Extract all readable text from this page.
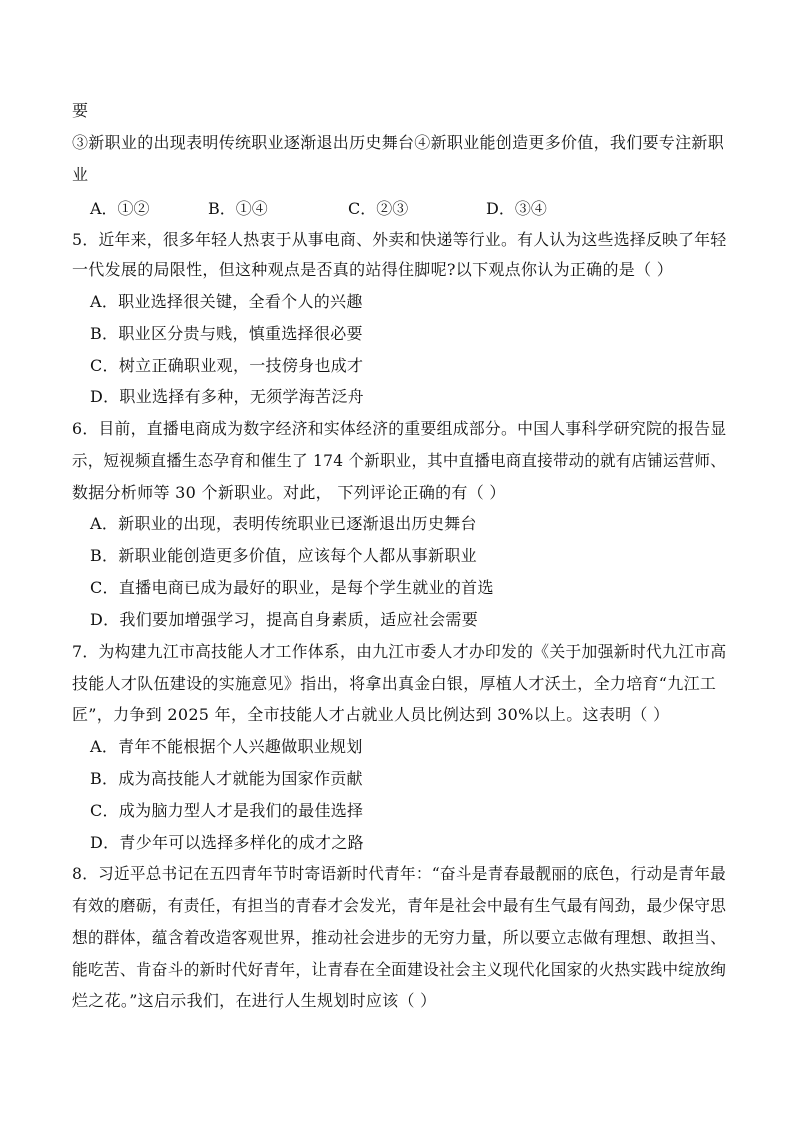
要
③新职业的出现表明传统职业逐渐退出历史舞台④新职业能创造更多价值，我们要专注新职
业
A．①②	B．①④	C．②③	D．③④
5．近年来，很多年轻人热衷于从事电商、外卖和快递等行业。有人认为这些选择反映了年轻
一代发展的局限性，但这种观点是否真的站得住脚呢?以下观点你认为正确的是（ ）
A．职业选择很关键，全看个人的兴趣
B．职业区分贵与贱，慎重选择很必要
C．树立正确职业观，一技傍身也成才
D．职业选择有多种，无须学海苦泛舟
6．目前，直播电商成为数字经济和实体经济的重要组成部分。中国人事科学研究院的报告显
示，短视频直播生态孕育和催生了 174 个新职业，其中直播电商直接带动的就有店铺运营师、
数据分析师等 30 个新职业。对此， 下列评论正确的有（ ）
A．新职业的出现，表明传统职业已逐渐退出历史舞台
B．新职业能创造更多价值，应该每个人都从事新职业
C．直播电商已成为最好的职业，是每个学生就业的首选
D．我们要加增强学习，提高自身素质，适应社会需要
7．为构建九江市高技能人才工作体系，由九江市委人才办印发的《关于加强新时代九江市高
技能人才队伍建设的实施意见》指出，将拿出真金白银，厚植人才沃土，全力培育“九江工
匠”，力争到 2025 年，全市技能人才占就业人员比例达到 30%以上。这表明（ ）
A．青年不能根据个人兴趣做职业规划
B．成为高技能人才就能为国家作贡献
C．成为脑力型人才是我们的最佳选择
D．青少年可以选择多样化的成才之路
8．习近平总书记在五四青年节时寄语新时代青年：“奋斗是青春最靓丽的底色，行动是青年最
有效的磨砺，有责任，有担当的青春才会发光，青年是社会中最有生气最有闯劲，最少保守思
想的群体，蕴含着改造客观世界，推动社会进步的无穷力量，所以要立志做有理想、敢担当、
能吃苦、肯奋斗的新时代好青年，让青春在全面建设社会主义现代化国家的火热实践中绽放绚
烂之花。”这启示我们，在进行人生规划时应该（ ）
